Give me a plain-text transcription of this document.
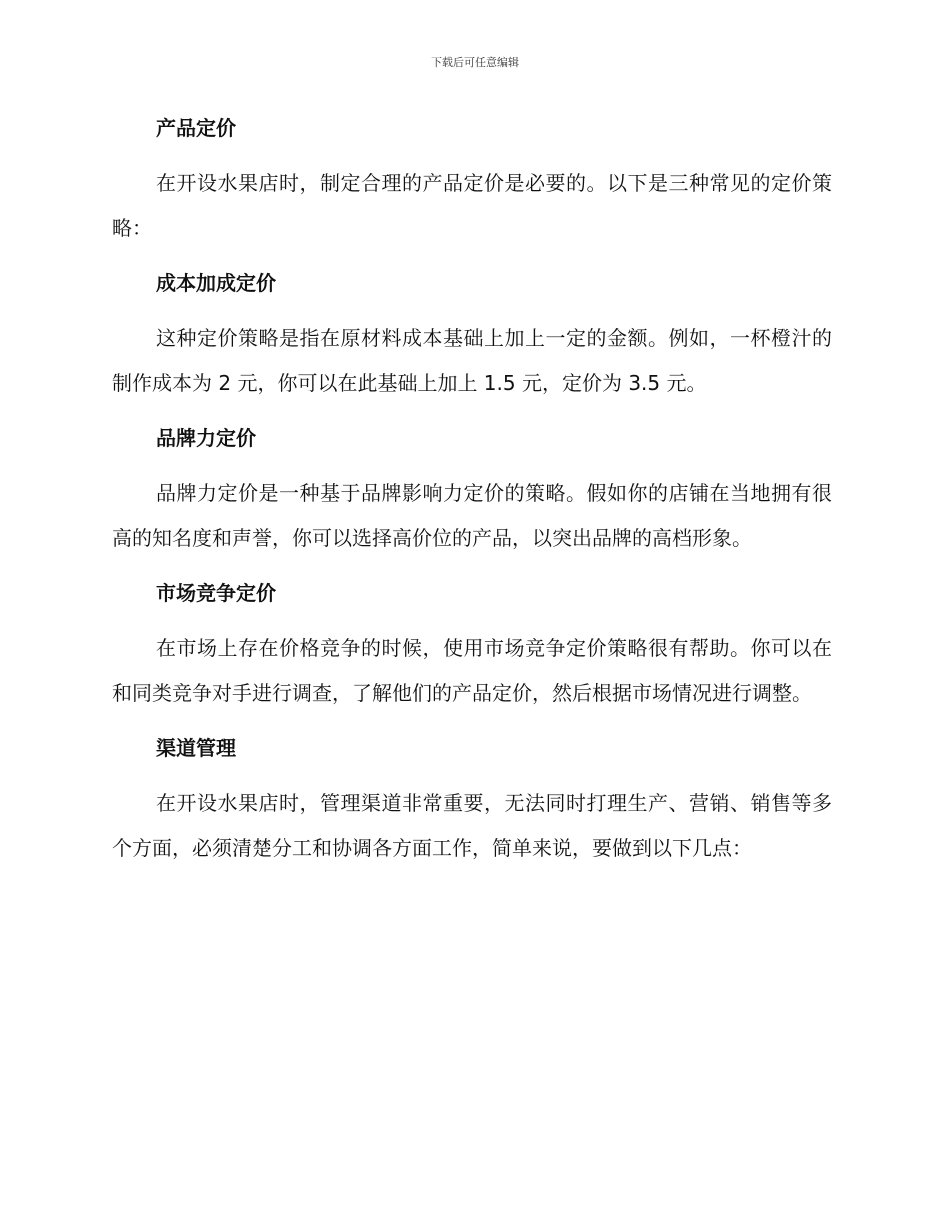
下载后可任意编辑
产品定价

在开设水果店时，制定合理的产品定价是必要的。以下是三种常见的定价策略：

成本加成定价

这种定价策略是指在原材料成本基础上加上一定的金额。例如，一杯橙汁的制作成本为 2 元，你可以在此基础上加上 1.5 元，定价为 3.5 元。

品牌力定价

品牌力定价是一种基于品牌影响力定价的策略。假如你的店铺在当地拥有很高的知名度和声誉，你可以选择高价位的产品，以突出品牌的高档形象。

市场竞争定价

在市场上存在价格竞争的时候，使用市场竞争定价策略很有帮助。你可以在和同类竞争对手进行调查，了解他们的产品定价，然后根据市场情况进行调整。

渠道管理

在开设水果店时，管理渠道非常重要，无法同时打理生产、营销、销售等多个方面，必须清楚分工和协调各方面工作，简单来说，要做到以下几点：
